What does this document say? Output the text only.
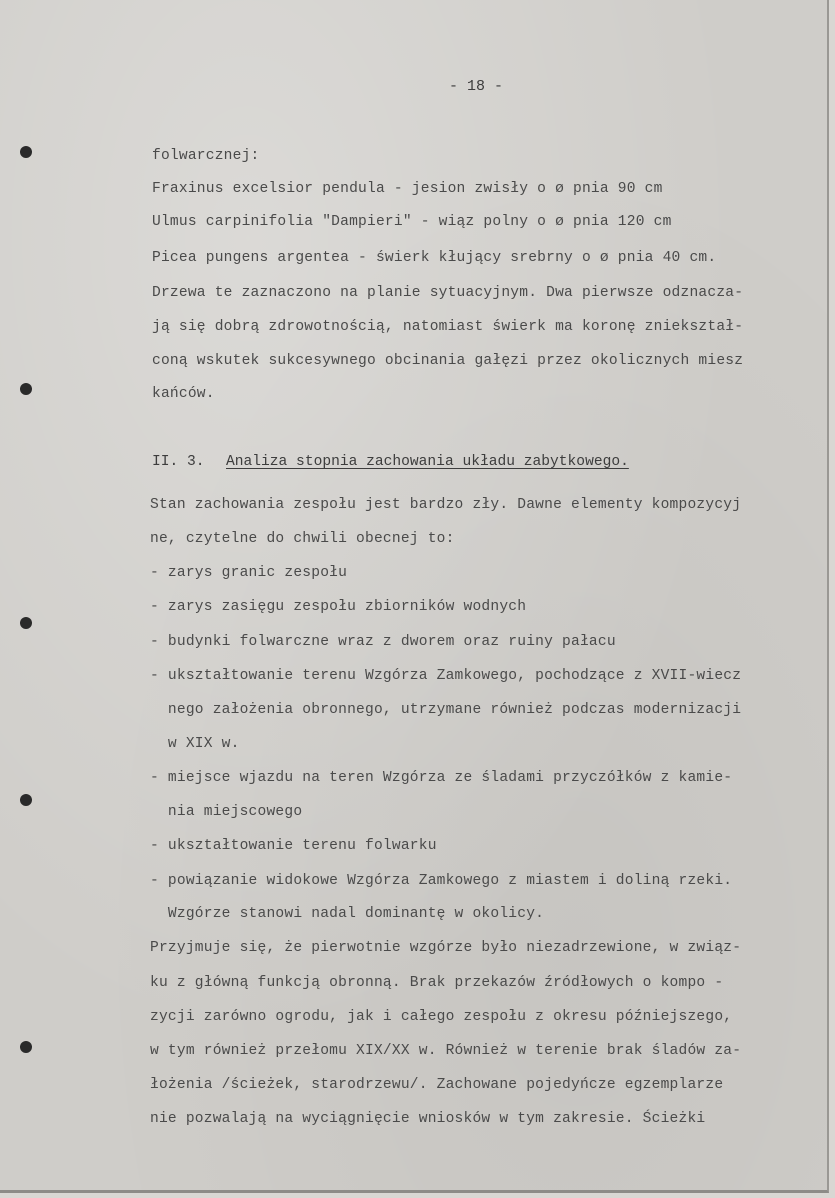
- 18 -
folwarcznej:
Fraxinus excelsior pendula - jesion zwisły o ø pnia 90 cm
Ulmus carpinifolia "Dampieri" - wiąz polny o ø pnia 120 cm
Picea pungens argentea - świerk kłujący srebrny o ø pnia 40 cm.
Drzewa te zaznaczono na planie sytuacyjnym. Dwa pierwsze odznacza-
ją się dobrą zdrowotnością, natomiast świerk ma koronę zniekształ-
coną wskutek sukcesywnego obcinania gałęzi przez okolicznych miesz
kańców.
II. 3. Analiza stopnia zachowania układu zabytkowego.
Stan zachowania zespołu jest bardzo zły. Dawne elementy kompozycyj
ne, czytelne do chwili obecnej to:
- zarys granic zespołu
- zarys zasięgu zespołu zbiorników wodnych
- budynki folwarczne wraz z dworem oraz ruiny pałacu
- ukształtowanie terenu Wzgórza Zamkowego, pochodzące z XVII-wiecz
nego założenia obronnego, utrzymane również podczas modernizacji
w XIX w.
- miejsce wjazdu na teren Wzgórza ze śladami przyczółków z kamie-
nia miejscowego
- ukształtowanie terenu folwarku
- powiązanie widokowe Wzgórza Zamkowego z miastem i doliną rzeki.
Wzgórze stanowi nadal dominantę w okolicy.
Przyjmuje się, że pierwotnie wzgórze było niezadrzewione, w związ-
ku z główną funkcją obronną. Brak przekazów źródłowych o kompo -
zycji zarówno ogrodu, jak i całego zespołu z okresu późniejszego,
w tym również przełomu XIX/XX w. Również w terenie brak śladów za-
łożenia /ścieżek, starodrzewu/. Zachowane pojedyńcze egzemplarze
nie pozwalają na wyciągnięcie wniosków w tym zakresie. Ścieżki
